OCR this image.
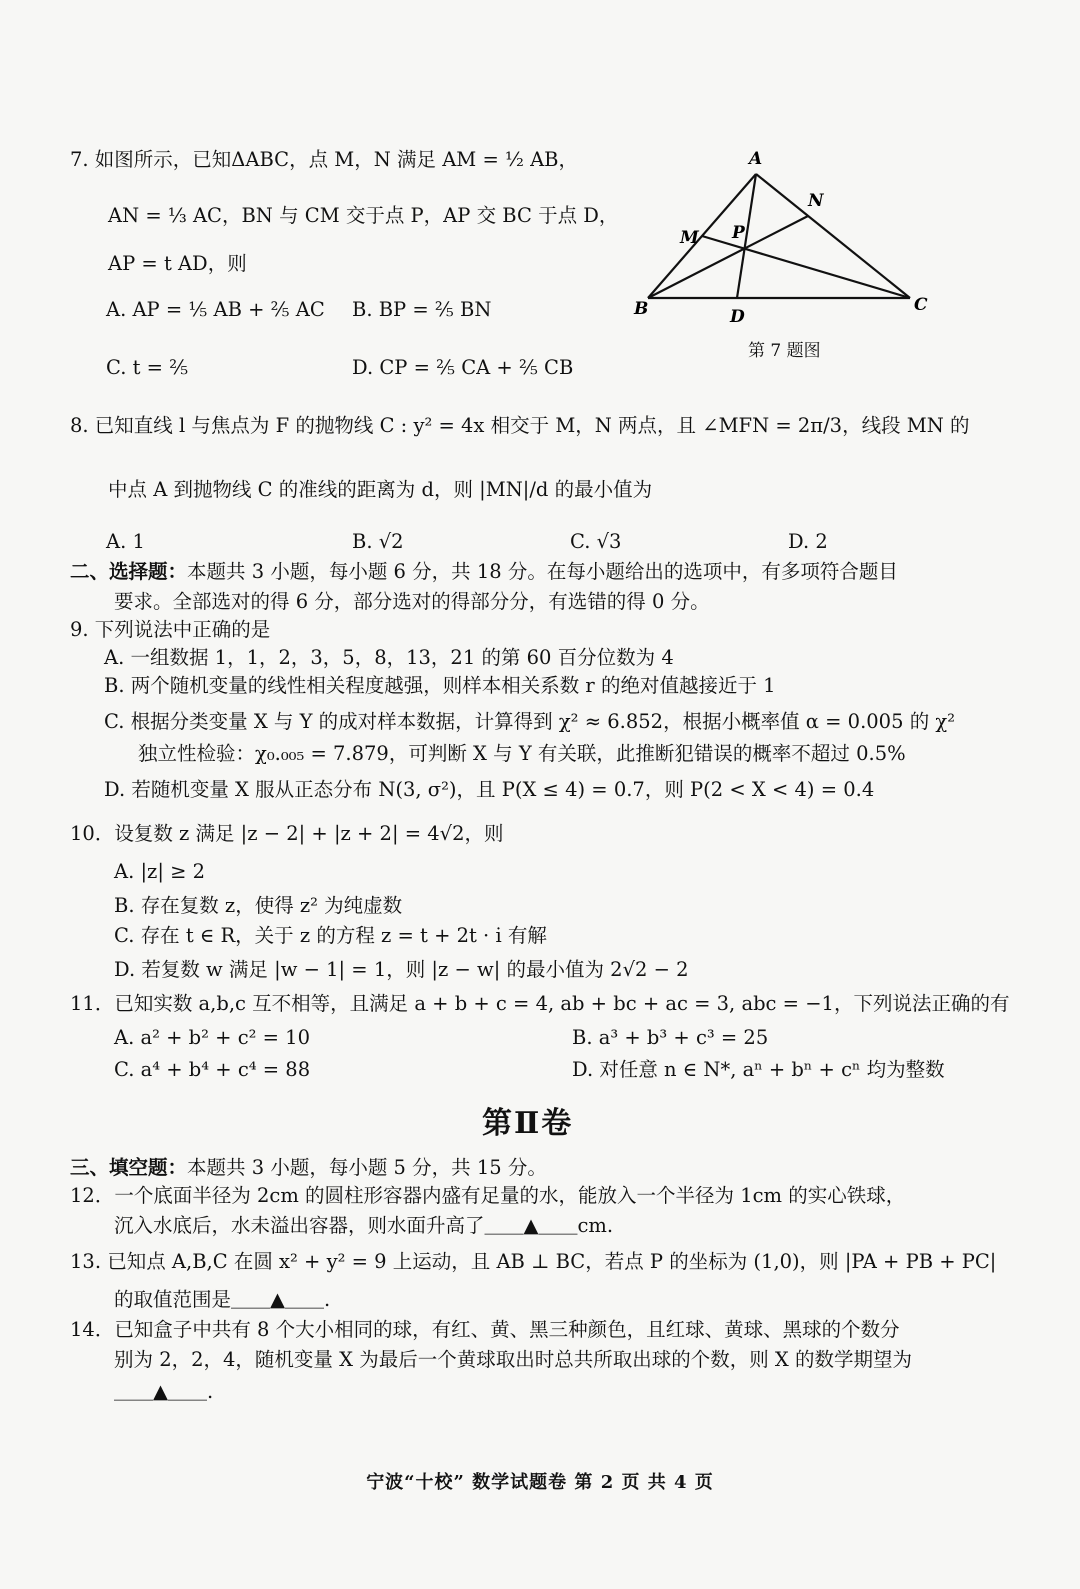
7. 如图所示，已知ΔABC，点 M，N 满足 AM = ½ AB，
AN = ⅓ AC，BN 与 CM 交于点 P，AP 交 BC 于点 D，
AP = t AD，则
A. AP = ⅕ AB + ⅖ AC B. BP = ⅖ BN
C. t = ⅖	D. CP = ⅖ CA + ⅖ CB
A
B	C
M
N
P
D
第 7 题图
8. 已知直线 l 与焦点为 F 的抛物线 C : y² = 4x 相交于 M，N 两点，且 ∠MFN = 2π/3，线段 MN 的
中点 A 到抛物线 C 的准线的距离为 d，则 |MN|/d 的最小值为
A. 1	B. √2	C. √3	D. 2
二、选择题：本题共 3 小题，每小题 6 分，共 18 分。在每小题给出的选项中，有多项符合题目
要求。全部选对的得 6 分，部分选对的得部分分，有选错的得 0 分。
9. 下列说法中正确的是
A. 一组数据 1，1，2，3，5，8，13，21 的第 60 百分位数为 4
B. 两个随机变量的线性相关程度越强，则样本相关系数 r 的绝对值越接近于 1
C. 根据分类变量 X 与 Y 的成对样本数据，计算得到 χ² ≈ 6.852，根据小概率值 α = 0.005 的 χ²
独立性检验：χ₀.₀₀₅ = 7.879，可判断 X 与 Y 有关联，此推断犯错误的概率不超过 0.5%
D. 若随机变量 X 服从正态分布 N(3, σ²)，且 P(X ≤ 4) = 0.7，则 P(2 < X < 4) = 0.4
10．设复数 z 满足 |z − 2| + |z + 2| = 4√2，则
A. |z| ≥ 2
B. 存在复数 z，使得 z² 为纯虚数
C. 存在 t ∈ R，关于 z 的方程 z = t + 2t · i 有解
D. 若复数 w 满足 |w − 1| = 1，则 |z − w| 的最小值为 2√2 − 2
11．已知实数 a,b,c 互不相等，且满足 a + b + c = 4, ab + bc + ac = 3, abc = −1，下列说法正确的有
A. a² + b² + c² = 10	B. a³ + b³ + c³ = 25
C. a⁴ + b⁴ + c⁴ = 88	D. 对任意 n ∈ N*, aⁿ + bⁿ + cⁿ 均为整数
第Ⅱ卷
三、填空题：本题共 3 小题，每小题 5 分，共 15 分。
12．一个底面半径为 2cm 的圆柱形容器内盛有足量的水，能放入一个半径为 1cm 的实心铁球，
沉入水底后，水未溢出容器，则水面升高了＿＿▲＿＿cm.
13. 已知点 A,B,C 在圆 x² + y² = 9 上运动，且 AB ⊥ BC，若点 P 的坐标为 (1,0)，则 |PA + PB + PC|
的取值范围是＿＿▲＿＿.
14．已知盒子中共有 8 个大小相同的球，有红、黄、黑三种颜色，且红球、黄球、黑球的个数分
别为 2，2，4，随机变量 X 为最后一个黄球取出时总共所取出球的个数，则 X 的数学期望为
＿＿▲＿＿.
宁波“十校” 数学试题卷 第 2 页 共 4 页
